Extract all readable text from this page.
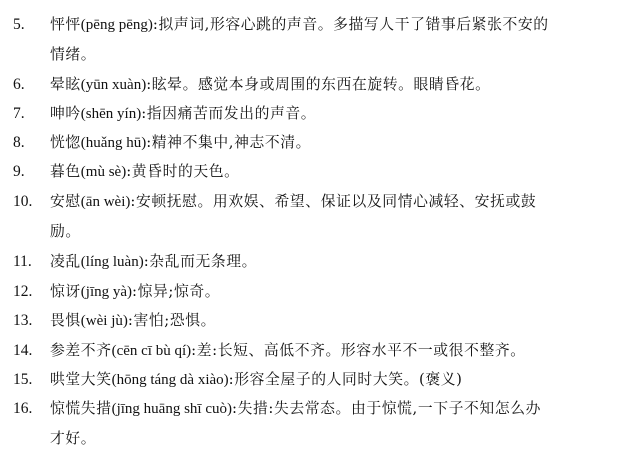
5. 怦怦(pēng pēng):拟声词,形容心跳的声音。多描写人干了错事后紧张不安的
情绪。
6. 晕眩(yūn xuàn):眩晕。感觉本身或周围的东西在旋转。眼睛昏花。
7. 呻吟(shēn yín):指因痛苦而发出的声音。
8. 恍惚(huǎng hū):精神不集中,神志不清。
9. 暮色(mù sè):黄昏时的天色。
10. 安慰(ān wèi):安顿抚慰。用欢娱、希望、保证以及同情心减轻、安抚或鼓
励。
11. 凌乱(líng luàn):杂乱而无条理。
12. 惊讶(jīng yà):惊异;惊奇。
13. 畏惧(wèi jù):害怕;恐惧。
14. 参差不齐(cēn cī bù qí):差:长短、高低不齐。形容水平不一或很不整齐。
15. 哄堂大笑(hōng táng dà xiào):形容全屋子的人同时大笑。(褒义)
16. 惊慌失措(jīng huāng shī cuò):失措:失去常态。由于惊慌,一下子不知怎么办
才好。
